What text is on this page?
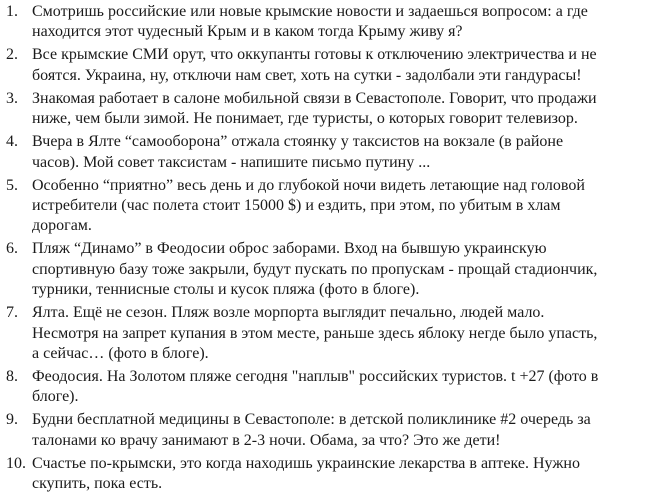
1. Смотришь российские или новые крымские новости и задаешься вопросом: а где
находится этот чудесный Крым и в каком тогда Крыму живу я?
2. Все крымские СМИ орут, что оккупанты готовы к отключению электричества и не
боятся. Украина, ну, отключи нам свет, хоть на сутки - задолбали эти гандурасы!
3. Знакомая работает в салоне мобильной связи в Севастополе. Говорит, что продажи
ниже, чем были зимой. Не понимает, где туристы, о которых говорит телевизор.
4. Вчера в Ялте “самооборона” отжала стоянку у таксистов на вокзале (в районе
часов). Мой совет таксистам - напишите письмо путину ...
5. Особенно “приятно” весь день и до глубокой ночи видеть летающие над головой
истребители (час полета стоит 15000 $) и ездить, при этом, по убитым в хлам
дорогам.
6. Пляж “Динамо” в Феодосии оброс заборами. Вход на бывшую украинскую
спортивную базу тоже закрыли, будут пускать по пропускам - прощай стадиончик,
турники, теннисные столы и кусок пляжа (фото в блоге).
7. Ялта. Ещё не сезон. Пляж возле морпорта выглядит печально, людей мало.
Несмотря на запрет купания в этом месте, раньше здесь яблоку негде было упасть,
а сейчас… (фото в блоге).
8. Феодосия. На Золотом пляже сегодня "наплыв" российских туристов. t +27 (фото в
блоге).
9. Будни бесплатной медицины в Севастополе: в детской поликлинике #2 очередь за
талонами ко врачу занимают в 2-3 ночи. Обама, за что? Это же дети!
10. Счастье по-крымски, это когда находишь украинские лекарства в аптеке. Нужно
скупить, пока есть.
